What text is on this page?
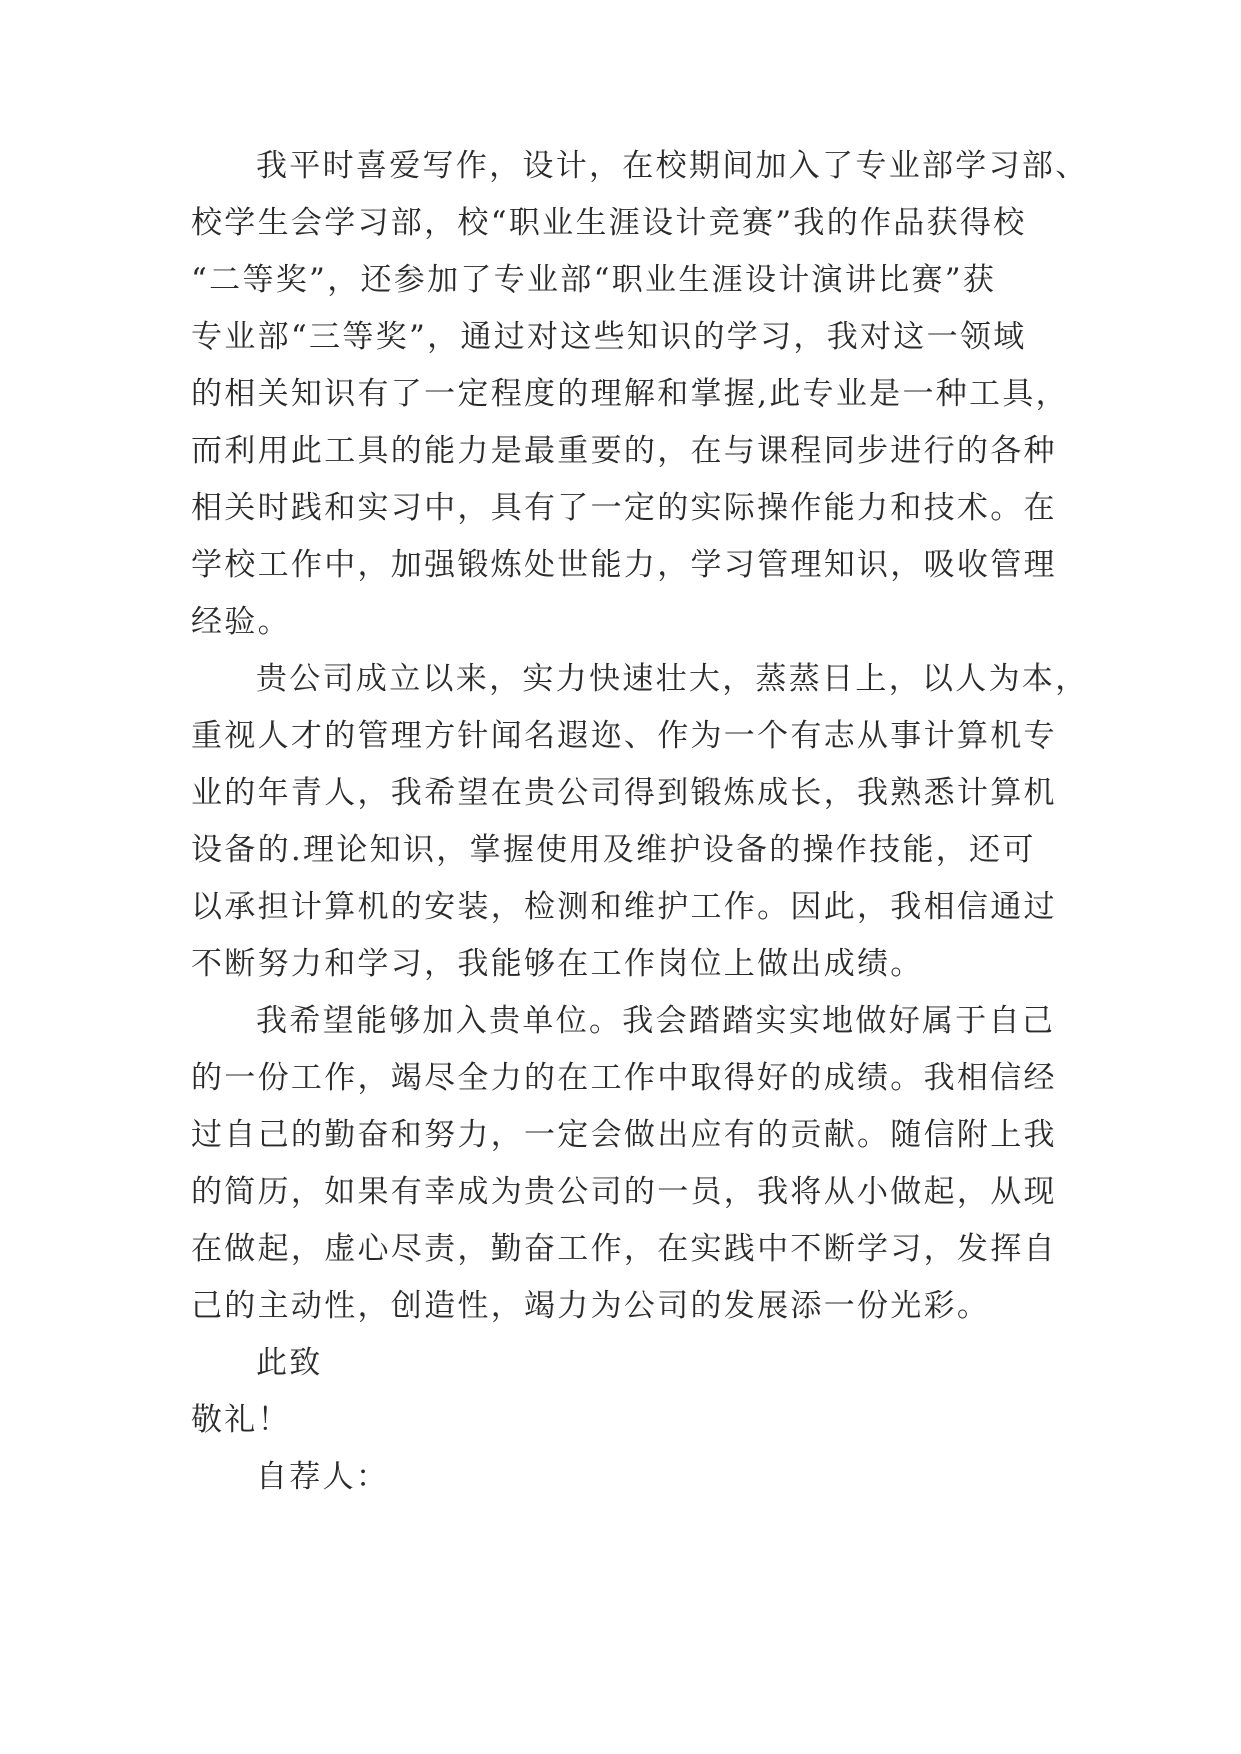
我平时喜爱写作，设计，在校期间加入了专业部学习部、
校学生会学习部，校“职业生涯设计竞赛”我的作品获得校
“二等奖”，还参加了专业部“职业生涯设计演讲比赛”获
专业部“三等奖”，通过对这些知识的学习，我对这一领域
的相关知识有了一定程度的理解和掌握,此专业是一种工具，
而利用此工具的能力是最重要的，在与课程同步进行的各种
相关时践和实习中，具有了一定的实际操作能力和技术。在
学校工作中，加强锻炼处世能力，学习管理知识，吸收管理
经验。
贵公司成立以来，实力快速壮大，蒸蒸日上，以人为本，
重视人才的管理方针闻名遐迩、作为一个有志从事计算机专
业的年青人，我希望在贵公司得到锻炼成长，我熟悉计算机
设备的.理论知识，掌握使用及维护设备的操作技能，还可
以承担计算机的安装，检测和维护工作。因此，我相信通过
不断努力和学习，我能够在工作岗位上做出成绩。
我希望能够加入贵单位。我会踏踏实实地做好属于自己
的一份工作，竭尽全力的在工作中取得好的成绩。我相信经
过自己的勤奋和努力，一定会做出应有的贡献。随信附上我
的简历，如果有幸成为贵公司的一员，我将从小做起，从现
在做起，虚心尽责，勤奋工作，在实践中不断学习，发挥自
己的主动性，创造性，竭力为公司的发展添一份光彩。
此致
敬礼！
自荐人：
